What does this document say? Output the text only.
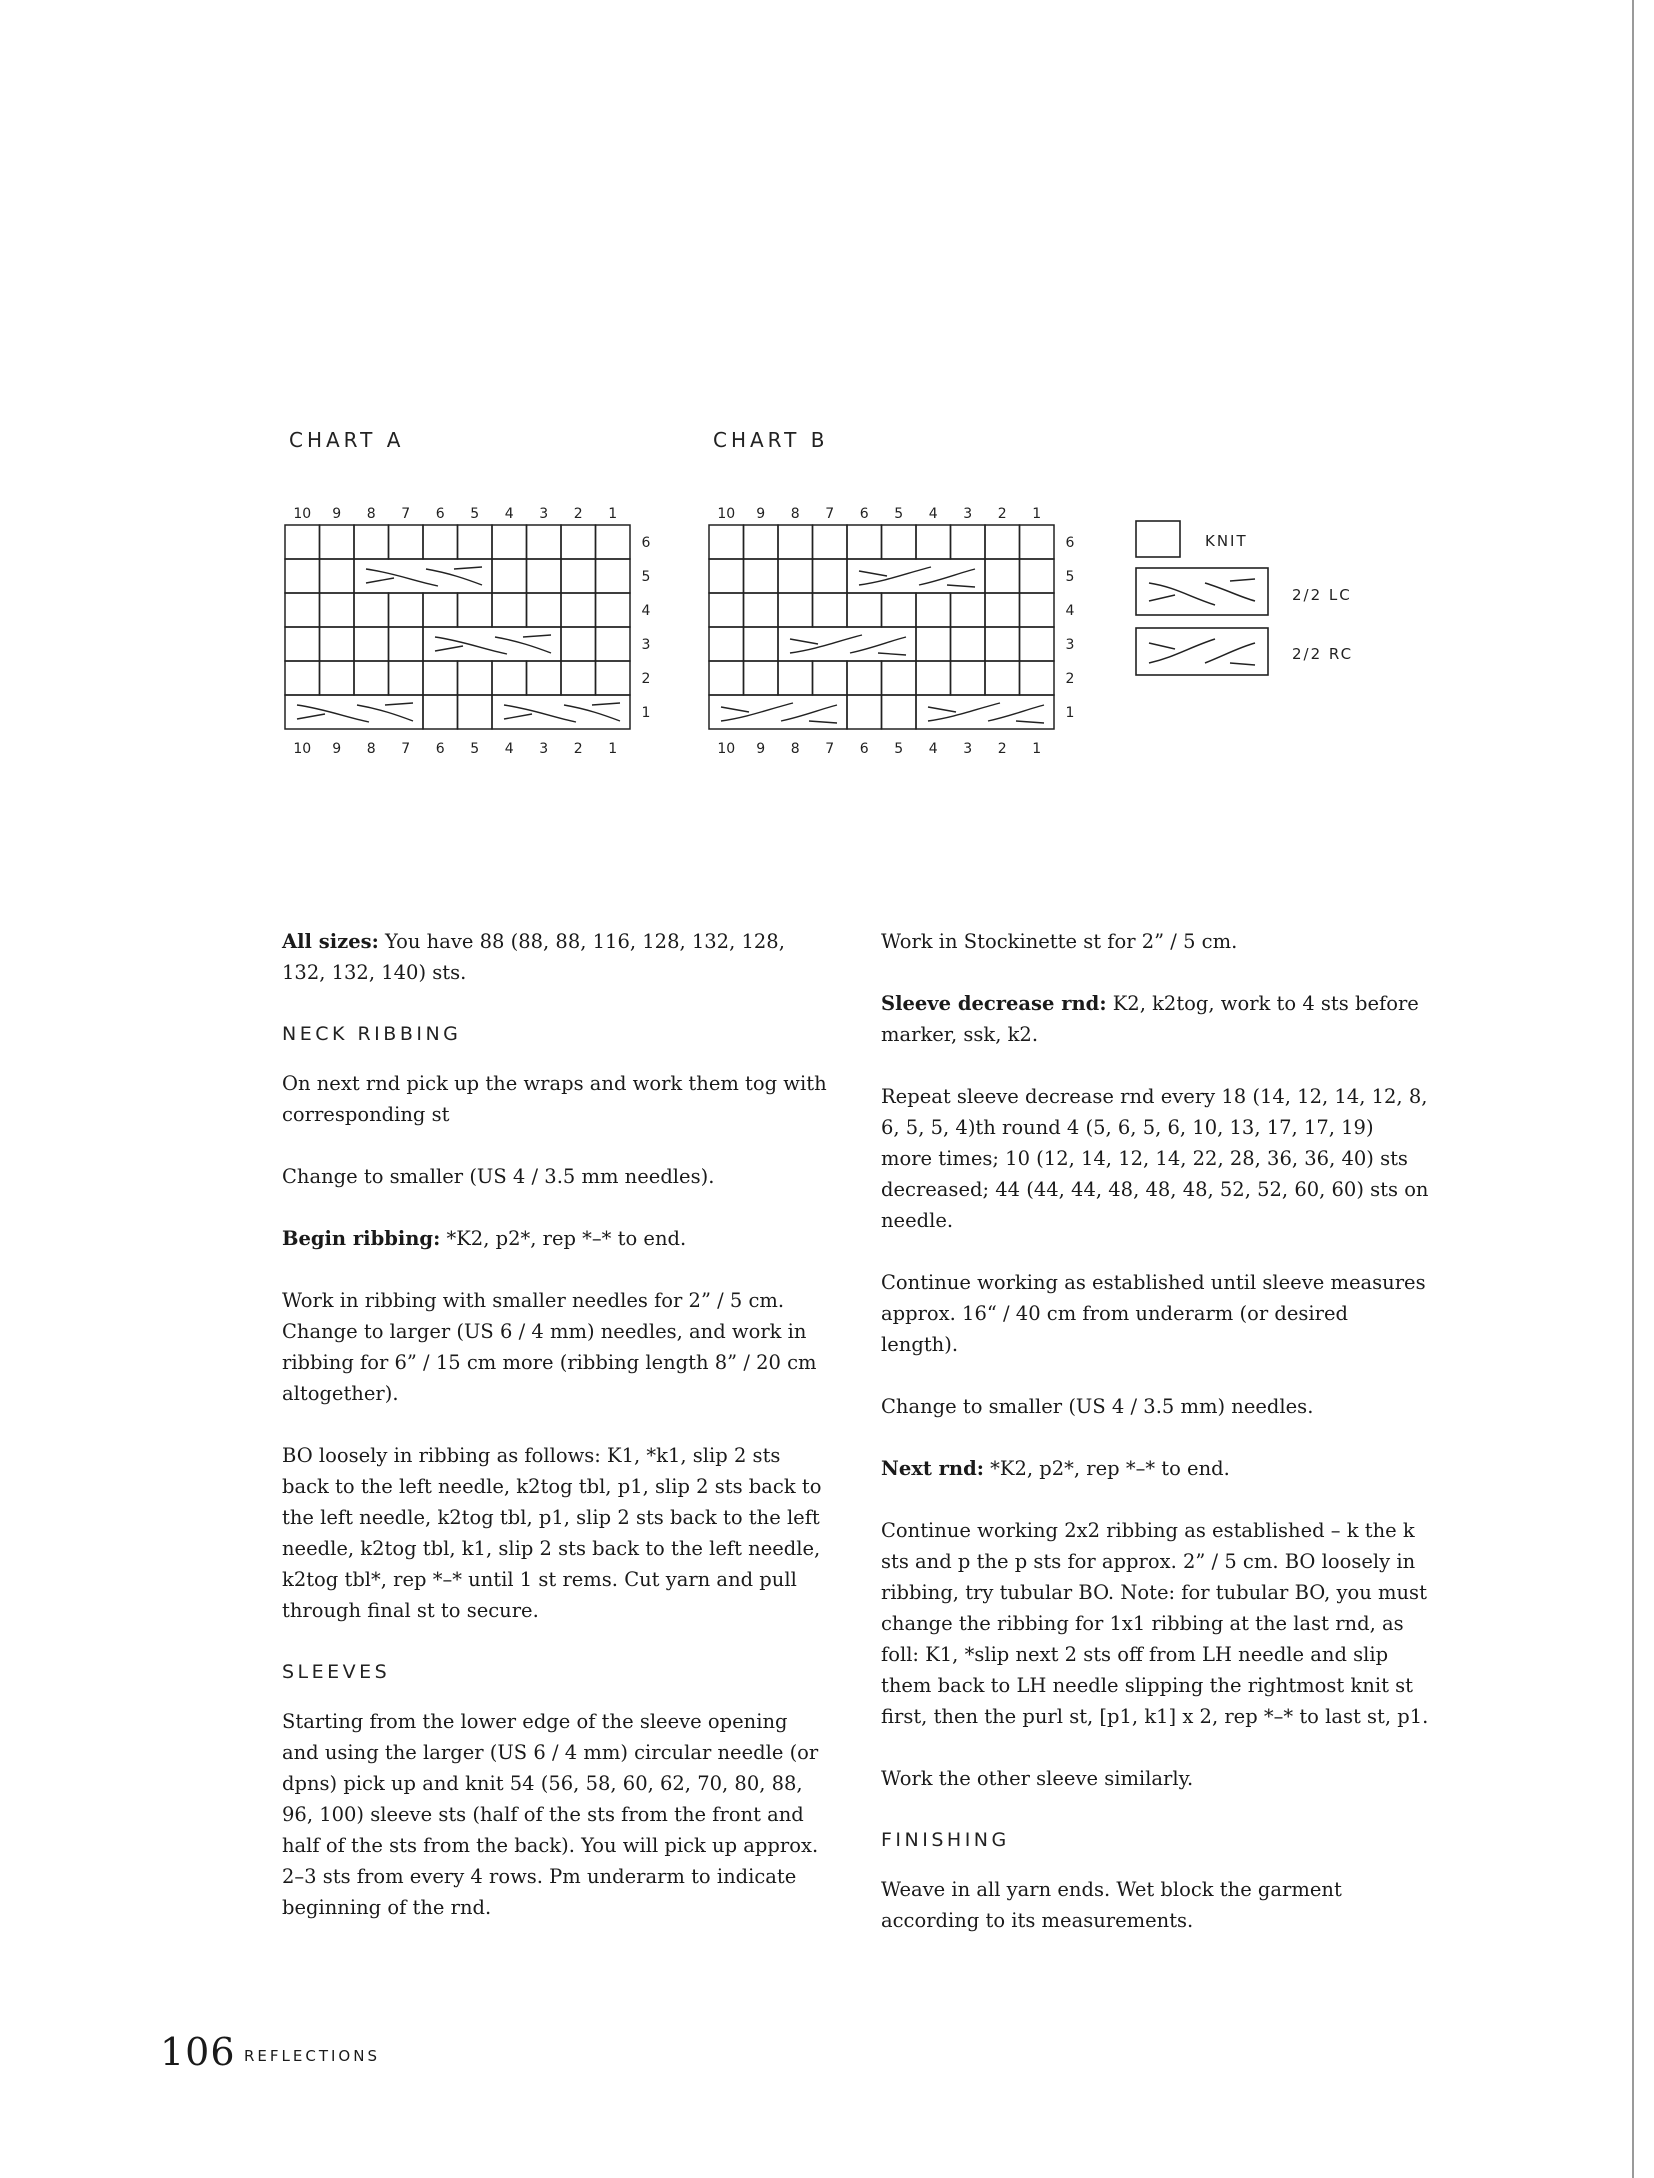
CHART A	CHART B
10
10
9
9
8
8
7
7
6
6
5
5
4
4
3
3
2
2
1
1
6
5
4
3
2
1
10
10
9
9
8
8
7
7
6
6
5
5
4
4
3
3
2
2
1
1
6
5
4
3
2
1
KNIT
2/2 LC
2/2 RC

All sizes: You have 88 (88, 88, 116, 128, 132, 128, 132, 132, 140) sts.

NECK RIBBING

On next rnd pick up the wraps and work them tog with corresponding st

Change to smaller (US 4 / 3.5 mm needles).

Begin ribbing: *K2, p2*, rep *–* to end.

Work in ribbing with smaller needles for 2” / 5 cm. Change to larger (US 6 / 4 mm) needles, and work in ribbing for 6” / 15 cm more (ribbing length 8” / 20 cm altogether).

BO loosely in ribbing as follows: K1, *k1, slip 2 sts back to the left needle, k2tog tbl, p1, slip 2 sts back to the left needle, k2tog tbl, p1, slip 2 sts back to the left needle, k2tog tbl, k1, slip 2 sts back to the left needle, k2tog tbl*, rep *–* until 1 st rems. Cut yarn and pull through final st to secure.

SLEEVES

Starting from the lower edge of the sleeve opening and using the larger (US 6 / 4 mm) circular needle (or dpns) pick up and knit 54 (56, 58, 60, 62, 70, 80, 88, 96, 100) sleeve sts (half of the sts from the front and half of the sts from the back). You will pick up approx. 2–3 sts from every 4 rows. Pm underarm to indicate beginning of the rnd.

Work in Stockinette st for 2” / 5 cm.

Sleeve decrease rnd: K2, k2tog, work to 4 sts before marker, ssk, k2.

Repeat sleeve decrease rnd every 18 (14, 12, 14, 12, 8, 6, 5, 5, 4)th round 4 (5, 6, 5, 6, 10, 13, 17, 17, 19) more times; 10 (12, 14, 12, 14, 22, 28, 36, 36, 40) sts decreased; 44 (44, 44, 48, 48, 48, 52, 52, 60, 60) sts on needle.

Continue working as established until sleeve measures approx. 16“ / 40 cm from underarm (or desired length).

Change to smaller (US 4 / 3.5 mm) needles.

Next rnd: *K2, p2*, rep *–* to end.

Continue working 2x2 ribbing as established – k the k sts and p the p sts for approx. 2” / 5 cm. BO loosely in ribbing, try tubular BO. Note: for tubular BO, you must change the ribbing for 1x1 ribbing at the last rnd, as foll: K1, *slip next 2 sts off from LH needle and slip them back to LH needle slipping the rightmost knit st first, then the purl st, [p1, k1] x 2, rep *–* to last st, p1.

Work the other sleeve similarly.

FINISHING

Weave in all yarn ends. Wet block the garment according to its measurements.

106 REFLECTIONS
